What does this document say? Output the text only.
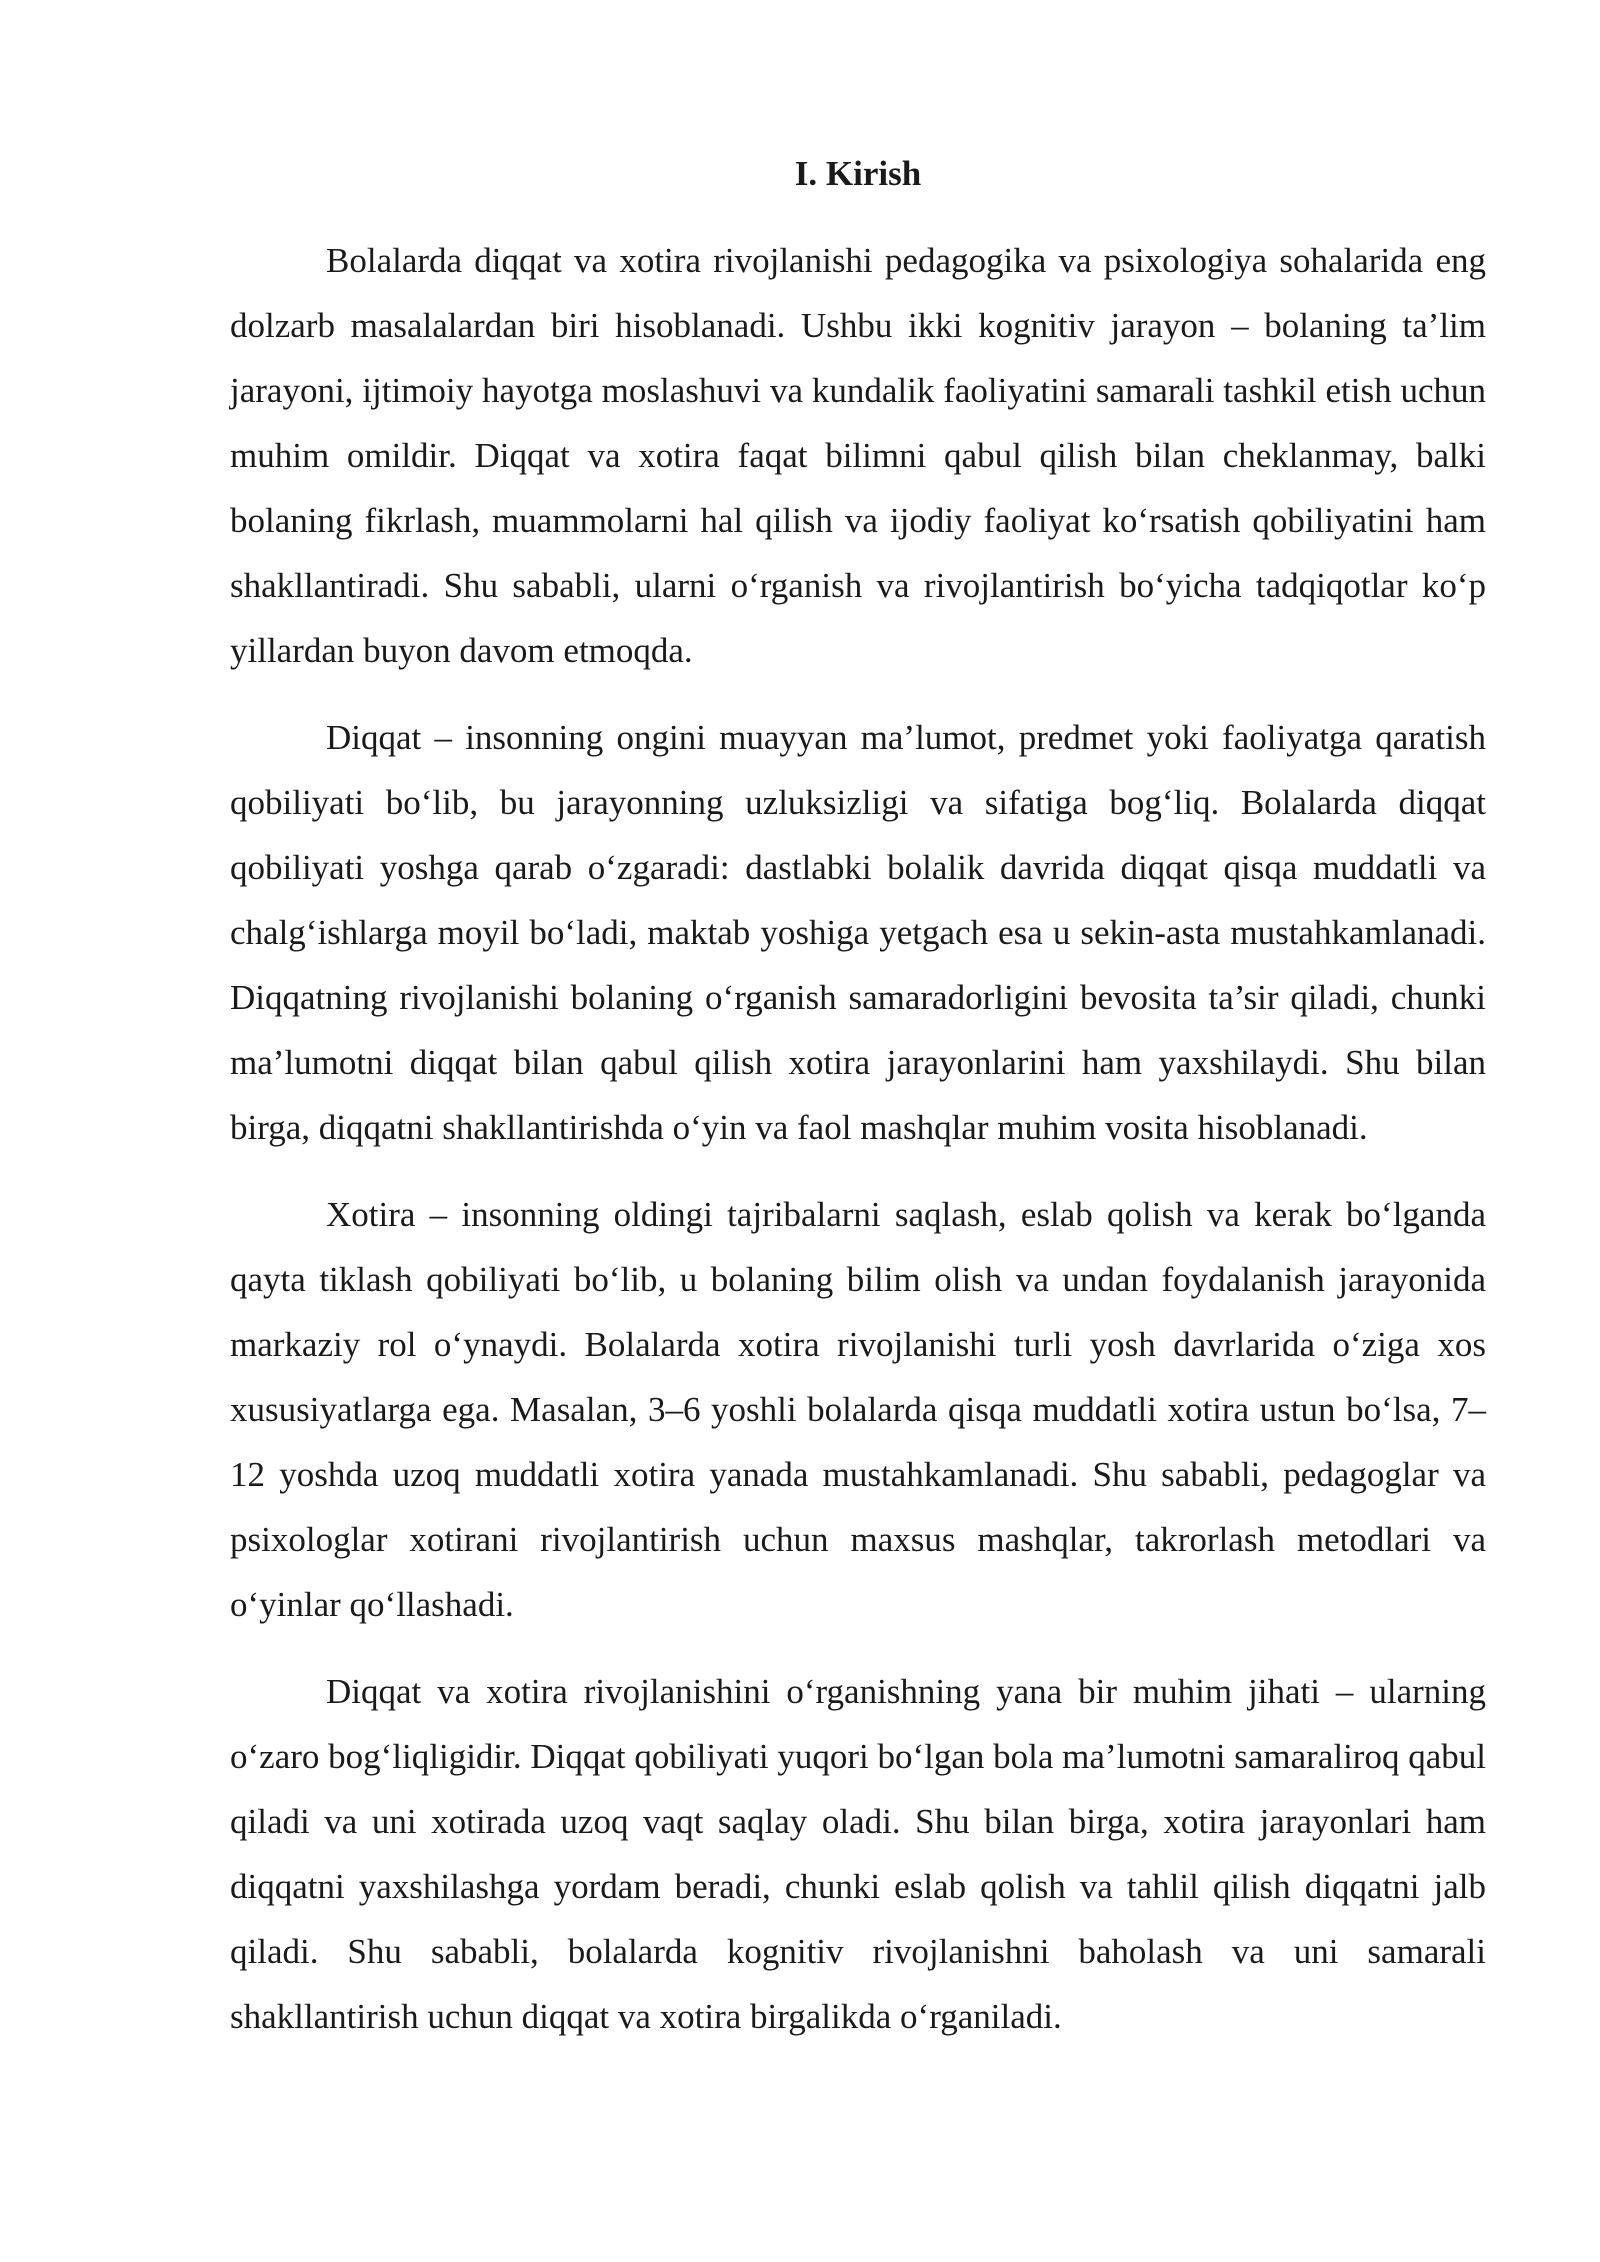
I. Kirish

Bolalarda diqqat va xotira rivojlanishi pedagogika va psixologiya sohalarida eng dolzarb masalalardan biri hisoblanadi. Ushbu ikki kognitiv jarayon – bolaning ta’lim jarayoni, ijtimoiy hayotga moslashuvi va kundalik faoliyatini samarali tashkil etish uchun muhim omildir. Diqqat va xotira faqat bilimni qabul qilish bilan cheklanmay, balki bolaning fikrlash, muammolarni hal qilish va ijodiy faoliyat koʻrsatish qobiliyatini ham shakllantiradi. Shu sababli, ularni oʻrganish va rivojlantirish boʻyicha tadqiqotlar koʻp yillardan buyon davom etmoqda.

Diqqat – insonning ongini muayyan ma’lumot, predmet yoki faoliyatga qaratish qobiliyati boʻlib, bu jarayonning uzluksizligi va sifatiga bogʻliq. Bolalarda diqqat qobiliyati yoshga qarab oʻzgaradi: dastlabki bolalik davrida diqqat qisqa muddatli va chalgʻishlarga moyil boʻladi, maktab yoshiga yetgach esa u sekin-asta mustahkamlanadi. Diqqatning rivojlanishi bolaning oʻrganish samaradorligini bevosita ta’sir qiladi, chunki ma’lumotni diqqat bilan qabul qilish xotira jarayonlarini ham yaxshilaydi. Shu bilan birga, diqqatni shakllantirishda oʻyin va faol mashqlar muhim vosita hisoblanadi.

Xotira – insonning oldingi tajribalarni saqlash, eslab qolish va kerak boʻlganda qayta tiklash qobiliyati boʻlib, u bolaning bilim olish va undan foydalanish jarayonida markaziy rol oʻynaydi. Bolalarda xotira rivojlanishi turli yosh davrlarida oʻziga xos xususiyatlarga ega. Masalan, 3–6 yoshli bolalarda qisqa muddatli xotira ustun boʻlsa, 7–12 yoshda uzoq muddatli xotira yanada mustahkamlanadi. Shu sababli, pedagoglar va psixologlar xotirani rivojlantirish uchun maxsus mashqlar, takrorlash metodlari va oʻyinlar qoʻllashadi.

Diqqat va xotira rivojlanishini oʻrganishning yana bir muhim jihati – ularning oʻzaro bogʻliqligidir. Diqqat qobiliyati yuqori boʻlgan bola ma’lumotni samaraliroq qabul qiladi va uni xotirada uzoq vaqt saqlay oladi. Shu bilan birga, xotira jarayonlari ham diqqatni yaxshilashga yordam beradi, chunki eslab qolish va tahlil qilish diqqatni jalb qiladi. Shu sababli, bolalarda kognitiv rivojlanishni baholash va uni samarali shakllantirish uchun diqqat va xotira birgalikda oʻrganiladi.
